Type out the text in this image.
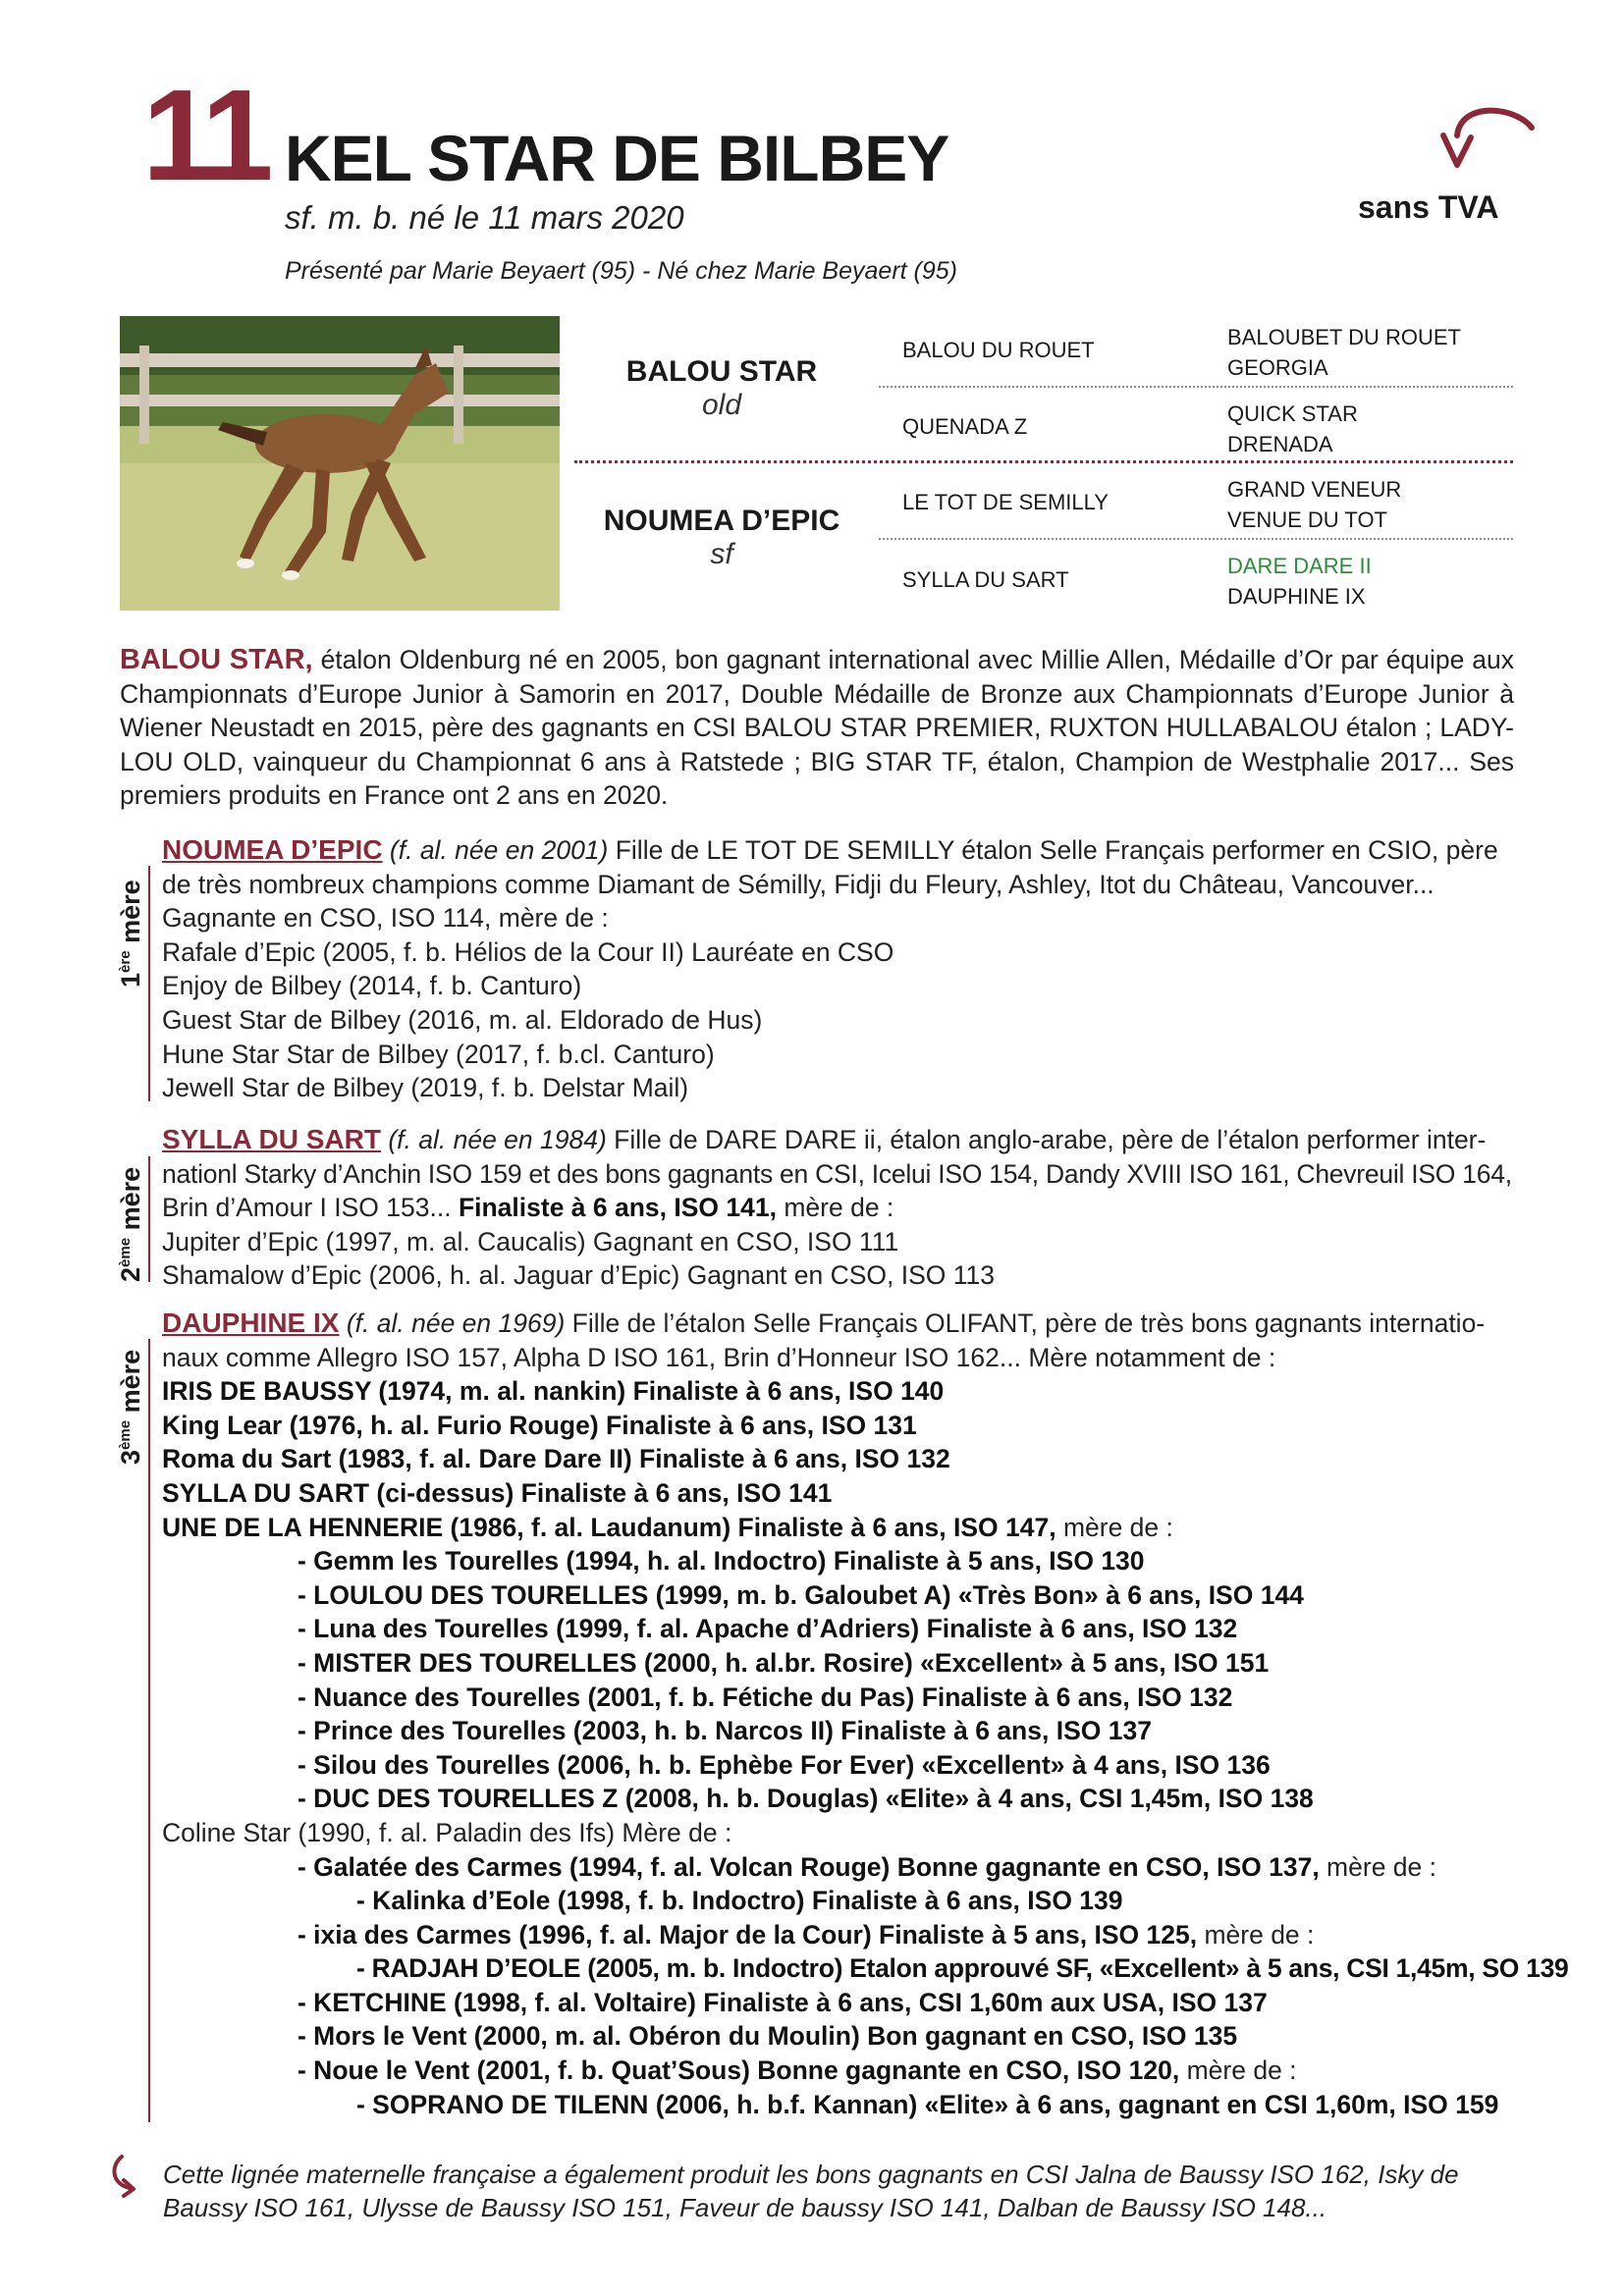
11 KEL STAR DE BILBEY
sf. m. b. né le 11 mars 2020
Présenté par Marie Beyaert (95) - Né chez Marie Beyaert (95)
sans TVA
BALOU STAR
old
NOUMEA D’EPIC
sf
BALOU DU ROUET
QUENADA Z
LE TOT DE SEMILLY
SYLLA DU SART
BALOUBET DU ROUET
GEORGIA
QUICK STAR
DRENADA
GRAND VENEUR
VENUE DU TOT
DARE DARE II
DAUPHINE IX
BALOU STAR, étalon Oldenburg né en 2005, bon gagnant international avec Millie Allen, Médaille d’Or par équipe aux Championnats d’Europe Junior à Samorin en 2017, Double Médaille de Bronze aux Championnats d’Europe Junior à Wiener Neustadt en 2015, père des gagnants en CSI BALOU STAR PREMIER, RUXTON HULLABALOU étalon ; LADY-LOU OLD, vainqueur du Championnat 6 ans à Ratstede ; BIG STAR TF, étalon, Champion de Westphalie 2017... Ses premiers produits en France ont 2 ans en 2020.
1ère mère
NOUMEA D’EPIC (f. al. née en 2001) Fille de LE TOT DE SEMILLY étalon Selle Français performer en CSIO, père
de très nombreux champions comme Diamant de Sémilly, Fidji du Fleury, Ashley, Itot du Château, Vancouver...
Gagnante en CSO, ISO 114, mère de :
Rafale d’Epic (2005, f. b. Hélios de la Cour II) Lauréate en CSO
Enjoy de Bilbey (2014, f. b. Canturo)
Guest Star de Bilbey (2016, m. al. Eldorado de Hus)
Hune Star Star de Bilbey (2017, f. b.cl. Canturo)
Jewell Star de Bilbey (2019, f. b. Delstar Mail)
2ème mère
SYLLA DU SART (f. al. née en 1984) Fille de DARE DARE ii, étalon anglo-arabe, père de l’étalon performer inter-
nationl Starky d’Anchin ISO 159 et des bons gagnants en CSI, Icelui ISO 154, Dandy XVIII ISO 161, Chevreuil ISO 164,
Brin d’Amour I ISO 153... Finaliste à 6 ans, ISO 141, mère de :
Jupiter d’Epic (1997, m. al. Caucalis) Gagnant en CSO, ISO 111
Shamalow d’Epic (2006, h. al. Jaguar d’Epic) Gagnant en CSO, ISO 113
3ème mère
DAUPHINE IX (f. al. née en 1969) Fille de l’étalon Selle Français OLIFANT, père de très bons gagnants internatio-
naux comme Allegro ISO 157, Alpha D ISO 161, Brin d’Honneur ISO 162... Mère notamment de :
IRIS DE BAUSSY (1974, m. al. nankin) Finaliste à 6 ans, ISO 140
King Lear (1976, h. al. Furio Rouge) Finaliste à 6 ans, ISO 131
Roma du Sart (1983, f. al. Dare Dare II) Finaliste à 6 ans, ISO 132
SYLLA DU SART (ci-dessus) Finaliste à 6 ans, ISO 141
UNE DE LA HENNERIE (1986, f. al. Laudanum) Finaliste à 6 ans, ISO 147, mère de :
- Gemm les Tourelles (1994, h. al. Indoctro) Finaliste à 5 ans, ISO 130
- LOULOU DES TOURELLES (1999, m. b. Galoubet A) «Très Bon» à 6 ans, ISO 144
- Luna des Tourelles (1999, f. al. Apache d’Adriers) Finaliste à 6 ans, ISO 132
- MISTER DES TOURELLES (2000, h. al.br. Rosire) «Excellent» à 5 ans, ISO 151
- Nuance des Tourelles (2001, f. b. Fétiche du Pas) Finaliste à 6 ans, ISO 132
- Prince des Tourelles (2003, h. b. Narcos II) Finaliste à 6 ans, ISO 137
- Silou des Tourelles (2006, h. b. Ephèbe For Ever) «Excellent» à 4 ans, ISO 136
- DUC DES TOURELLES Z (2008, h. b. Douglas) «Elite» à 4 ans, CSI 1,45m, ISO 138
Coline Star (1990, f. al. Paladin des Ifs) Mère de :
- Galatée des Carmes (1994, f. al. Volcan Rouge) Bonne gagnante en CSO, ISO 137, mère de :
- Kalinka d’Eole (1998, f. b. Indoctro) Finaliste à 6 ans, ISO 139
- ixia des Carmes (1996, f. al. Major de la Cour) Finaliste à 5 ans, ISO 125, mère de :
- RADJAH D’EOLE (2005, m. b. Indoctro) Etalon approuvé SF, «Excellent» à 5 ans, CSI 1,45m, SO 139
- KETCHINE (1998, f. al. Voltaire) Finaliste à 6 ans, CSI 1,60m aux USA, ISO 137
- Mors le Vent (2000, m. al. Obéron du Moulin) Bon gagnant en CSO, ISO 135
- Noue le Vent (2001, f. b. Quat’Sous) Bonne gagnante en CSO, ISO 120, mère de :
- SOPRANO DE TILENN (2006, h. b.f. Kannan) «Elite» à 6 ans, gagnant en CSI 1,60m, ISO 159
Cette lignée maternelle française a également produit les bons gagnants en CSI Jalna de Baussy ISO 162, Isky de Baussy ISO 161, Ulysse de Baussy ISO 151, Faveur de baussy ISO 141, Dalban de Baussy ISO 148...
